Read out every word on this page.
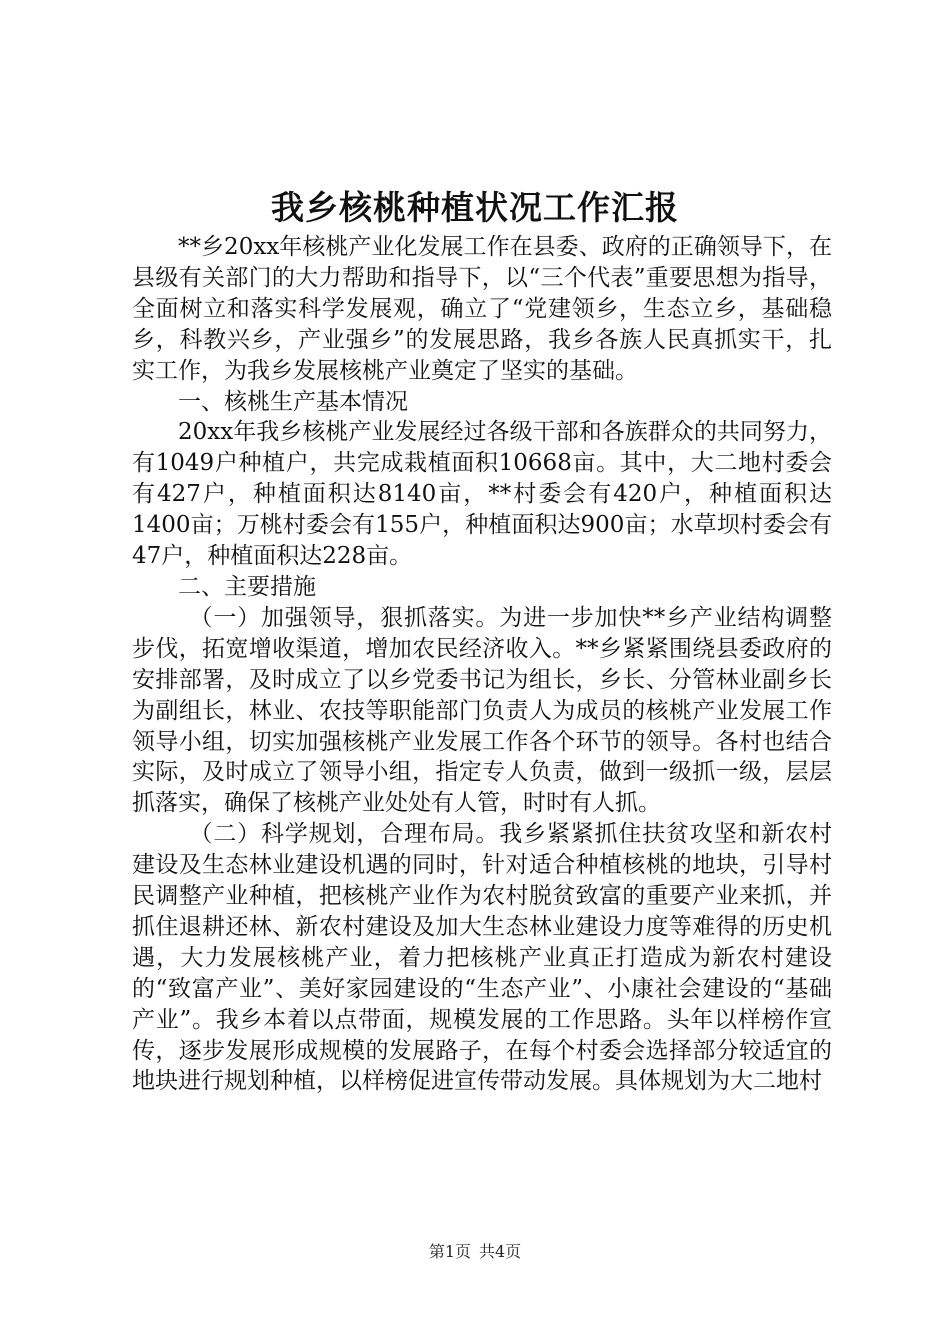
我乡核桃种植状况工作汇报

**乡20xx年核桃产业化发展工作在县委、政府的正确领导下，在县级有关部门的大力帮助和指导下，以“三个代表”重要思想为指导，全面树立和落实科学发展观，确立了“党建领乡，生态立乡，基础稳乡，科教兴乡，产业强乡”的发展思路，我乡各族人民真抓实干，扎实工作，为我乡发展核桃产业奠定了坚实的基础。

一、核桃生产基本情况

20xx年我乡核桃产业发展经过各级干部和各族群众的共同努力，有1049户种植户，共完成栽植面积10668亩。其中，大二地村委会有427户，种植面积达8140亩，**村委会有420户，种植面积达1400亩；万桃村委会有155户，种植面积达900亩；水草坝村委会有47户，种植面积达228亩。

二、主要措施

（一）加强领导，狠抓落实。为进一步加快**乡产业结构调整步伐，拓宽增收渠道，增加农民经济收入。**乡紧紧围绕县委政府的安排部署，及时成立了以乡党委书记为组长，乡长、分管林业副乡长为副组长，林业、农技等职能部门负责人为成员的核桃产业发展工作领导小组，切实加强核桃产业发展工作各个环节的领导。各村也结合实际，及时成立了领导小组，指定专人负责，做到一级抓一级，层层抓落实，确保了核桃产业处处有人管，时时有人抓。

（二）科学规划，合理布局。我乡紧紧抓住扶贫攻坚和新农村建设及生态林业建设机遇的同时，针对适合种植核桃的地块，引导村民调整产业种植，把核桃产业作为农村脱贫致富的重要产业来抓，并抓住退耕还林、新农村建设及加大生态林业建设力度等难得的历史机遇，大力发展核桃产业，着力把核桃产业真正打造成为新农村建设的“致富产业”、美好家园建设的“生态产业”、小康社会建设的“基础产业”。我乡本着以点带面，规模发展的工作思路。头年以样榜作宣传，逐步发展形成规模的发展路子，在每个村委会选择部分较适宜的地块进行规划种植，以样榜促进宣传带动发展。具体规划为大二地村

第1页 共4页
